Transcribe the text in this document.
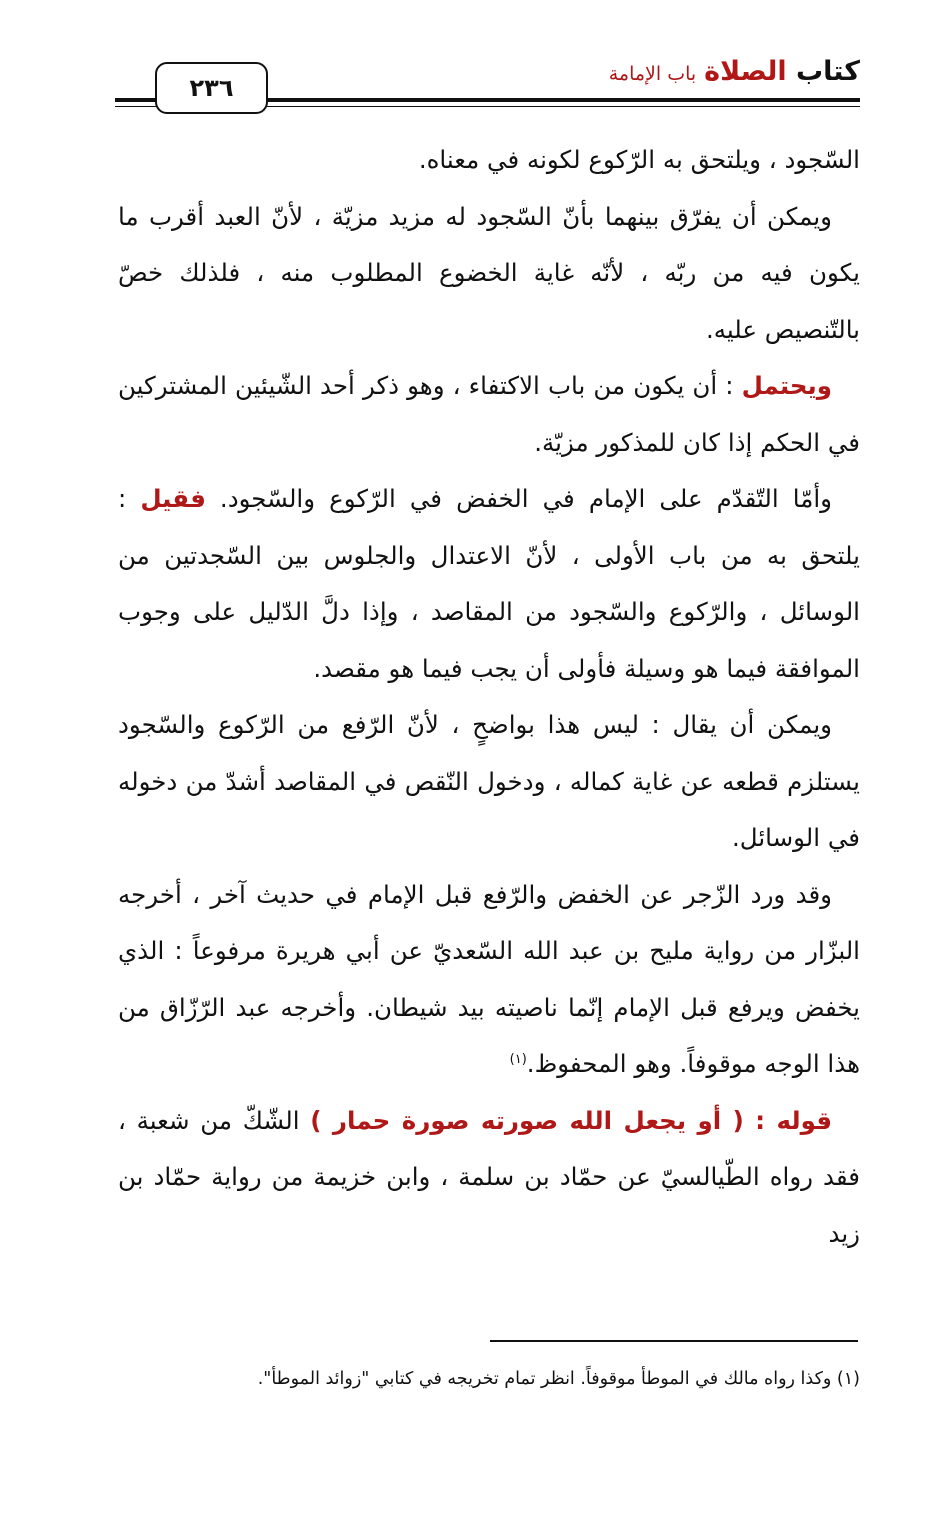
كتاب الصلاةباب الإمامة
٢٣٦

السّجود ، ويلتحق به الرّكوع لكونه في معناه.

ويمكن أن يفرّق بينهما بأنّ السّجود له مزيد مزيّة ، لأنّ العبد أقرب ما يكون فيه من ربّه ، لأنّه غاية الخضوع المطلوب منه ، فلذلك خصّ بالتّنصيص عليه.

ويحتمل : أن يكون من باب الاكتفاء ، وهو ذكر أحد الشّيئين المشتركين في الحكم إذا كان للمذكور مزيّة.

وأمّا التّقدّم على الإمام في الخفض في الرّكوع والسّجود. فقيل : يلتحق به من باب الأولى ، لأنّ الاعتدال والجلوس بين السّجدتين من الوسائل ، والرّكوع والسّجود من المقاصد ، وإذا دلَّ الدّليل على وجوب الموافقة فيما هو وسيلة فأولى أن يجب فيما هو مقصد.

ويمكن أن يقال : ليس هذا بواضحٍ ، لأنّ الرّفع من الرّكوع والسّجود يستلزم قطعه عن غاية كماله ، ودخول النّقص في المقاصد أشدّ من دخوله في الوسائل.

وقد ورد الزّجر عن الخفض والرّفع قبل الإمام في حديث آخر ، أخرجه البزّار من رواية مليح بن عبد الله السّعديّ عن أبي هريرة مرفوعاً : الذي يخفض ويرفع قبل الإمام إنّما ناصيته بيد شيطان. وأخرجه عبد الرّزّاق من هذا الوجه موقوفاً. وهو المحفوظ.$^{(١)}$

قوله : ( أو يجعل الله صورته صورة حمار ) الشّكّ من شعبة ، فقد رواه الطّيالسيّ عن حمّاد بن سلمة ، وابن خزيمة من رواية حمّاد بن زيد

(١) وكذا رواه مالك في الموطأ موقوفاً. انظر تمام تخريجه في كتابي "زوائد الموطأ".
